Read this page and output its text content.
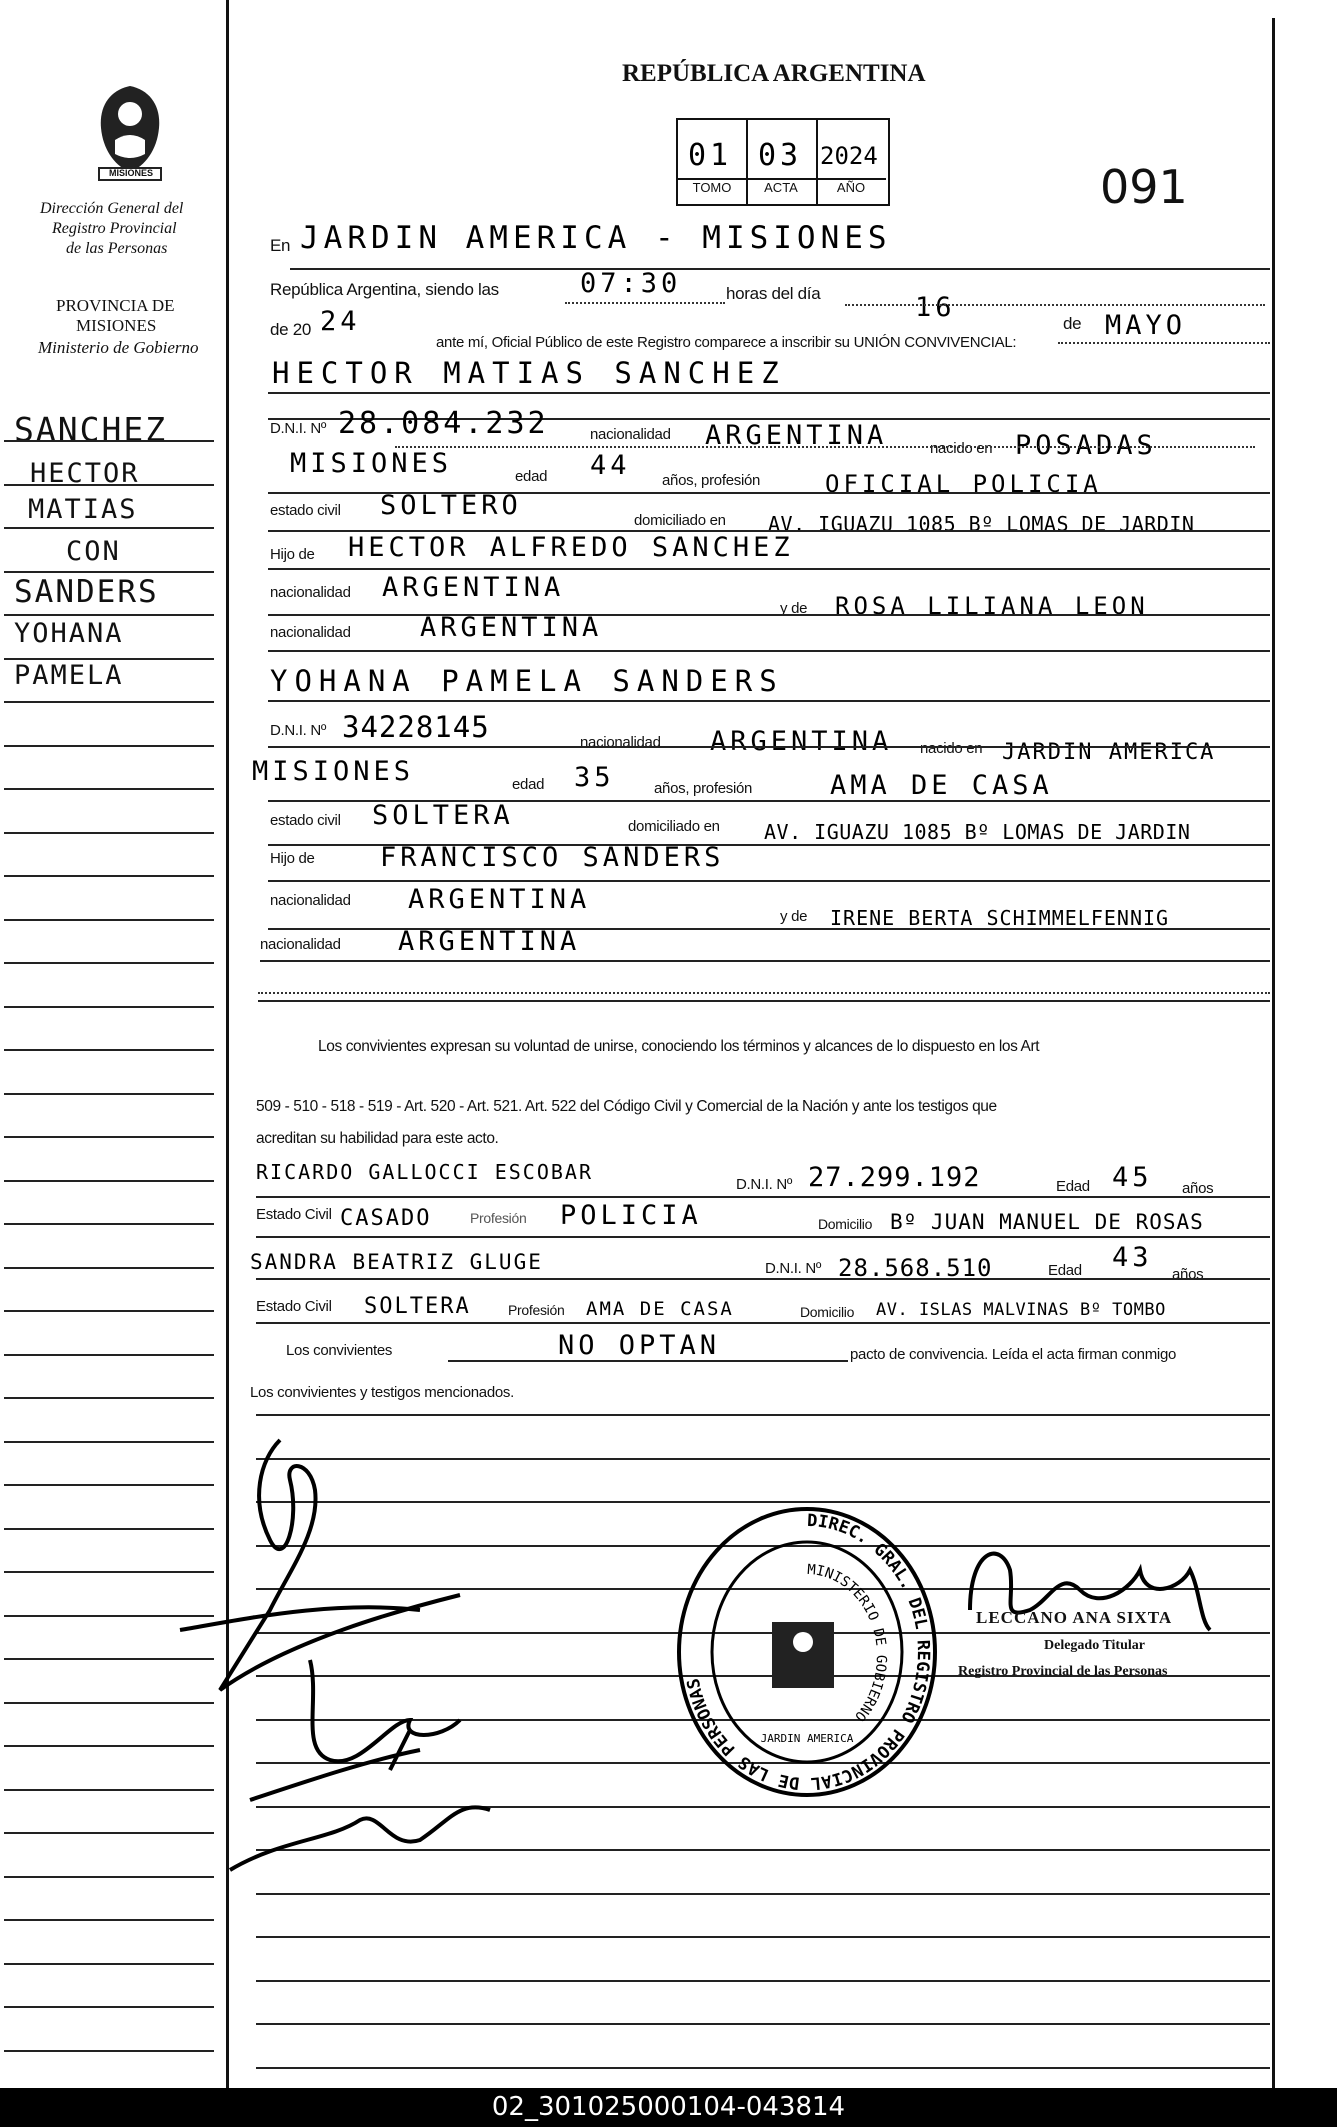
MISIONES
Dirección General del
Registro Provincial
de las Personas
PROVINCIA DE
MISIONES
Ministerio de Gobierno
REPÚBLICA ARGENTINA
091
01 03 2024
TOMO	ACTA	AÑO
SANCHEZ
HECTOR
MATIAS
CON
SANDERS
YOHANA
PAMELA
En JARDIN AMERICA - MISIONES
República Argentina, siendo las	07:30	horas del día	16
de 20 24
ante mí, Oficial Público de este Registro comparece a inscribir su UNIÓN CONVIVENCIAL:
de MAYO
HECTOR MATIAS SANCHEZ
D.N.I. Nº 28.084.232	nacionalidad ARGENTINA	nacido en POSADAS
MISIONES	edad 44 años, profesión	OFICIAL POLICIA
estado civil SOLTERO	domiciliado en AV. IGUAZU 1085 Bº LOMAS DE JARDIN
Hijo de HECTOR ALFREDO SANCHEZ
nacionalidad ARGENTINA
y de ROSA LILIANA LEON
nacionalidad	ARGENTINA
YOHANA PAMELA SANDERS
D.N.I. Nº 34228145	nacionalidad ARGENTINA nacido en JARDIN AMERICA
MISIONES	edad 35	años, profesión	AMA DE CASA
estado civil SOLTERA	domiciliado en AV. IGUAZU 1085 Bº LOMAS DE JARDIN
Hijo de FRANCISCO SANDERS
nacionalidad ARGENTINA
y de IRENE BERTA SCHIMMELFENNIG
nacionalidad ARGENTINA
Los convivientes expresan su voluntad de unirse, conociendo los términos y alcances de lo dispuesto en los Art
509 - 510 - 518 - 519 - Art. 520 - Art. 521. Art. 522 del Código Civil y Comercial de la Nación y ante los testigos que
acreditan su habilidad para este acto.
RICARDO GALLOCCI ESCOBAR
D.N.I. Nº 27.299.192	Edad 45 años
Estado Civil CASADO	Profesión POLICIA	Domicilio Bº JUAN MANUEL DE ROSAS
SANDRA BEATRIZ GLUGE	D.N.I. Nº 28.568.510	Edad 43
años
Estado Civil SOLTERA	Profesión AMA DE CASA	Domicilio AV. ISLAS MALVINAS Bº TOMBO
Los convivientes	NO OPTAN	pacto de convivencia. Leída el acta firman conmigo
Los convivientes y testigos mencionados.
DIREC. GRAL. DEL REGISTRO PROVINCIAL DE LAS PERSONAS
MINISTERIO DE GOBIERNO
JARDIN AMERICA
LECCANO ANA SIXTA
Delegado Titular
Registro Provincial de las Personas
02_301025000104-043814
